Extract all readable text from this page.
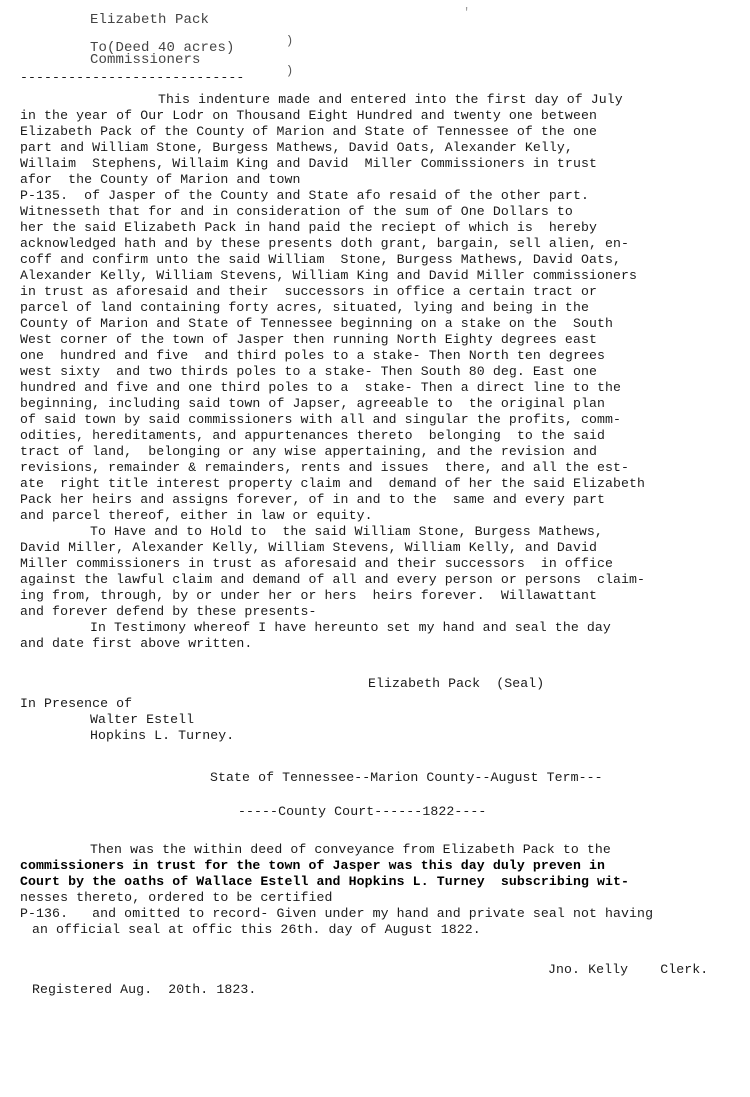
Elizabeth Pack
To(Deed 40 acres)	)
Commissioners
----------------------------	)
'
This indenture made and entered into the first day of July
in the year of Our Lodr on Thousand Eight Hundred and twenty one between
Elizabeth Pack of the County of Marion and State of Tennessee of the one
part and William Stone, Burgess Mathews, David Oats, Alexander Kelly,
Willaim  Stephens, Willaim King and David  Miller Commissioners in trust
afor  the County of Marion and town
P-135.  of Jasper of the County and State afo resaid of the other part.
Witnesseth that for and in consideration of the sum of One Dollars to
her the said Elizabeth Pack in hand paid the reciept of which is  hereby
acknowledged hath and by these presents doth grant, bargain, sell alien, en-
coff and confirm unto the said William  Stone, Burgess Mathews, David Oats,
Alexander Kelly, William Stevens, William King and David Miller commissioners
in trust as aforesaid and their  successors in office a certain tract or
parcel of land containing forty acres, situated, lying and being in the
County of Marion and State of Tennessee beginning on a stake on the  South
West corner of the town of Jasper then running North Eighty degrees east
one  hundred and five  and third poles to a stake- Then North ten degrees
west sixty  and two thirds poles to a stake- Then South 80 deg. East one
hundred and five and one third poles to a  stake- Then a direct line to the
beginning, including said town of Japser, agreeable to  the original plan
of said town by said commissioners with all and singular the profits, comm-
odities, hereditaments, and appurtenances thereto  belonging  to the said
tract of land,  belonging or any wise appertaining, and the revision and
revisions, remainder & remainders, rents and issues  there, and all the est-
ate  right title interest property claim and  demand of her the said Elizabeth
Pack her heirs and assigns forever, of in and to the  same and every part
and parcel thereof, either in law or equity.
To Have and to Hold to  the said William Stone, Burgess Mathews,
David Miller, Alexander Kelly, William Stevens, William Kelly, and David
Miller commissioners in trust as aforesaid and their successors  in office
against the lawful claim and demand of all and every person or persons  claim-
ing from, through, by or under her or hers  heirs forever.  Willawattant
and forever defend by these presents-
In Testimony whereof I have hereunto set my hand and seal the day
and date first above written.
Elizabeth Pack  (Seal)
In Presence of
Walter Estell
Hopkins L. Turney.
State of Tennessee--Marion County--August Term---
-----County Court------1822----
Then was the within deed of conveyance from Elizabeth Pack to the
commissioners in trust for the town of Jasper was this day duly preven in
Court by the oaths of Wallace Estell and Hopkins L. Turney  subscribing wit-
nesses thereto, ordered to be certified
P-136.   and omitted to record- Given under my hand and private seal not having
an official seal at offic this 26th. day of August 1822.
Jno. Kelly    Clerk.
Registered Aug.  20th. 1823.
